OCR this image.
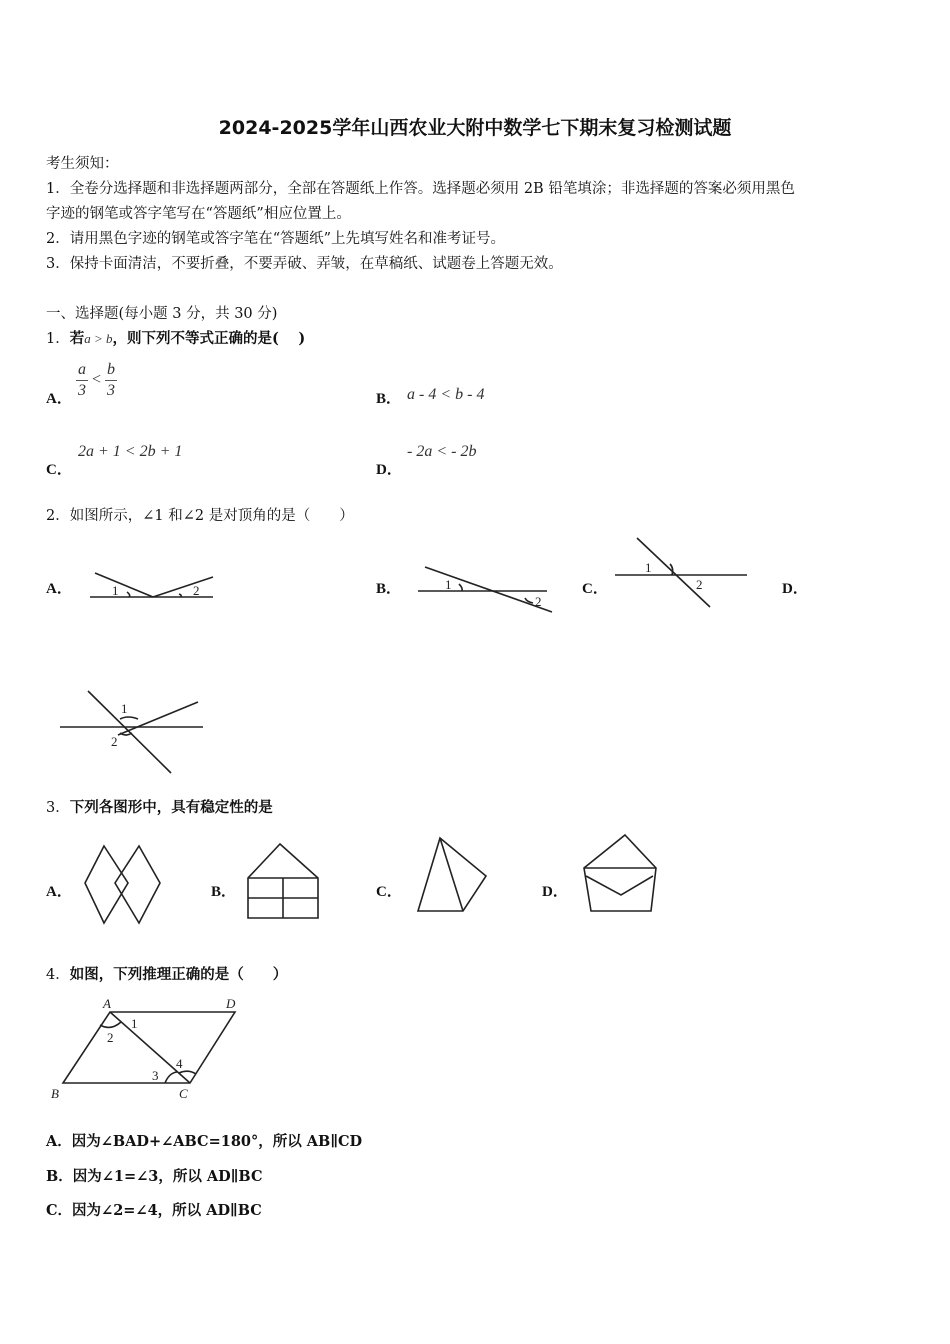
2024-2025学年山西农业大附中数学七下期末复习检测试题
考生须知：
1．全卷分选择题和非选择题两部分，全部在答题纸上作答。选择题必须用 2B 铅笔填涂；非选择题的答案必须用黑色
字迹的钢笔或答字笔写在“答题纸”相应位置上。
2．请用黑色字迹的钢笔或答字笔在“答题纸”上先填写姓名和准考证号。
3．保持卡面清洁，不要折叠，不要弄破、弄皱，在草稿纸、试题卷上答题无效。
一、选择题(每小题 3 分，共 30 分)
1．若a > b，则下列不等式正确的是(　 )
A． $\frac{a}{3} < \frac{b}{3}$	B． a - 4 < b - 4
C．
2a + 1 < 2b + 1
D．
- 2a < - 2b
2．如图所示，∠1 和∠2 是对顶角的是（　　）
A．	1	2	B．	1
2
C．
1
2	D．
1
2
3．下列各图形中，具有稳定性的是
A．	B．	C．	D．
4．如图，下列推理正确的是（　　）
A	D
B	C
1
2
3
4
A．因为∠BAD+∠ABC=180°，所以 AB∥CD
B．因为∠1=∠3，所以 AD∥BC
C．因为∠2=∠4，所以 AD∥BC
